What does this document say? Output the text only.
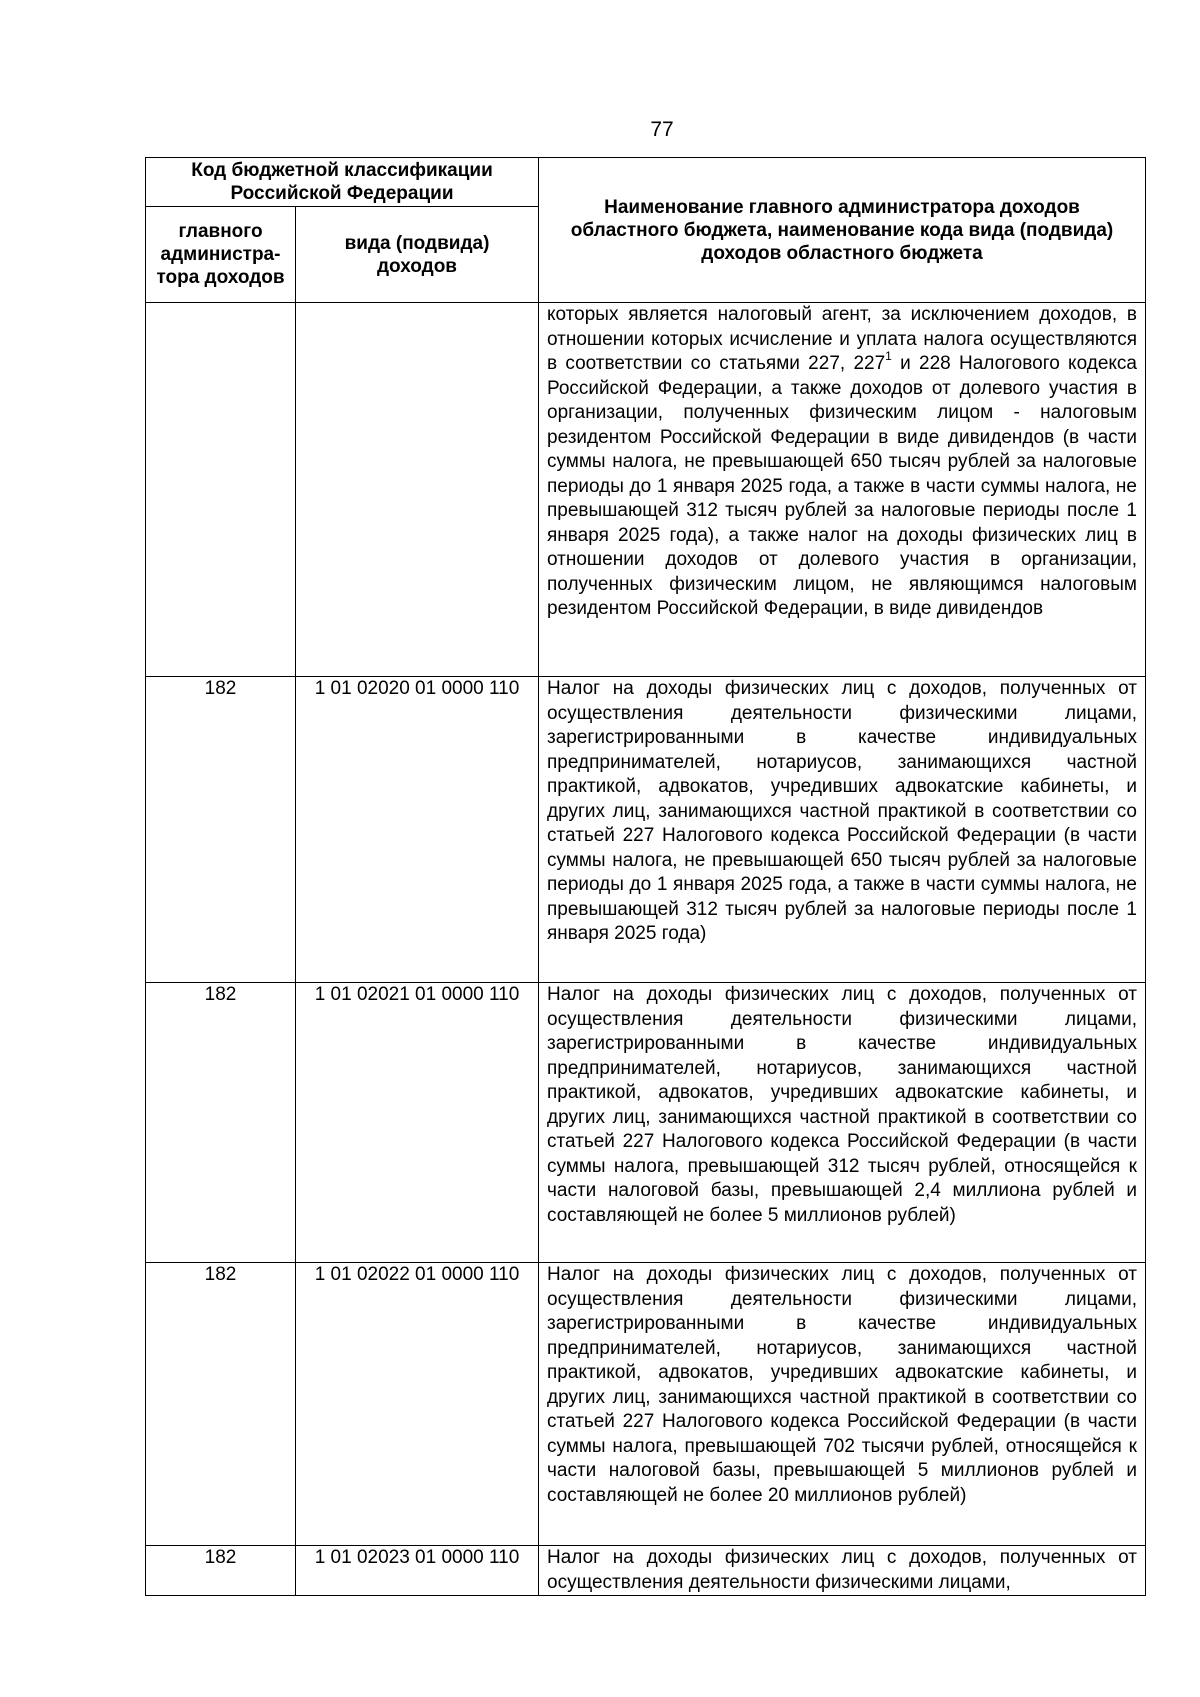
77
Код бюджетной классификации Российской Федерации		Наименование главного администратора доходов областного бюджета, наименование кода вида (подвида) доходов областного бюджета
главного администра-тора доходов	вида (подвида) доходов	
		которых является налоговый агент, за исключением доходов, в отношении которых исчисление и уплата налога осуществляются в соответствии со статьями 227, $227^1$ и 228 Налогового кодекса Российской Федерации, а также доходов от долевого участия в организации, полученных физическим лицом - налоговым резидентом Российской Федерации в виде дивидендов (в части суммы налога, не превышающей 650 тысяч рублей за налоговые периоды до 1 января 2025 года, а также в части суммы налога, не превышающей 312 тысяч рублей за налоговые периоды после 1 января 2025 года), а также налог на доходы физических лиц в отношении доходов от долевого участия в организации, полученных физическим лицом, не являющимся налоговым резидентом Российской Федерации, в виде дивидендов
182	1 01 02020 01 0000 110	Налог на доходы физических лиц с доходов, полученных от осуществления деятельности физическими лицами, зарегистрированными в качестве индивидуальных предпринимателей, нотариусов, занимающихся частной практикой, адвокатов, учредивших адвокатские кабинеты, и других лиц, занимающихся частной практикой в соответствии со статьей 227 Налогового кодекса Российской Федерации (в части суммы налога, не превышающей 650 тысяч рублей за налоговые периоды до 1 января 2025 года, а также в части суммы налога, не превышающей 312 тысяч рублей за налоговые периоды после 1 января 2025 года)
182	1 01 02021 01 0000 110	Налог на доходы физических лиц с доходов, полученных от осуществления деятельности физическими лицами, зарегистрированными в качестве индивидуальных предпринимателей, нотариусов, занимающихся частной практикой, адвокатов, учредивших адвокатские кабинеты, и других лиц, занимающихся частной практикой в соответствии со статьей 227 Налогового кодекса Российской Федерации (в части суммы налога, превышающей 312 тысяч рублей, относящейся к части налоговой базы, превышающей 2,4 миллиона рублей и составляющей не более 5 миллионов рублей)
182	1 01 02022 01 0000 110	Налог на доходы физических лиц с доходов, полученных от осуществления деятельности физическими лицами, зарегистрированными в качестве индивидуальных предпринимателей, нотариусов, занимающихся частной практикой, адвокатов, учредивших адвокатские кабинеты, и других лиц, занимающихся частной практикой в соответствии со статьей 227 Налогового кодекса Российской Федерации (в части суммы налога, превышающей 702 тысячи рублей, относящейся к части налоговой базы, превышающей 5 миллионов рублей и составляющей не более 20 миллионов рублей)
182	1 01 02023 01 0000 110	Налог на доходы физических лиц с доходов, полученных от осуществления деятельности физическими лицами,
